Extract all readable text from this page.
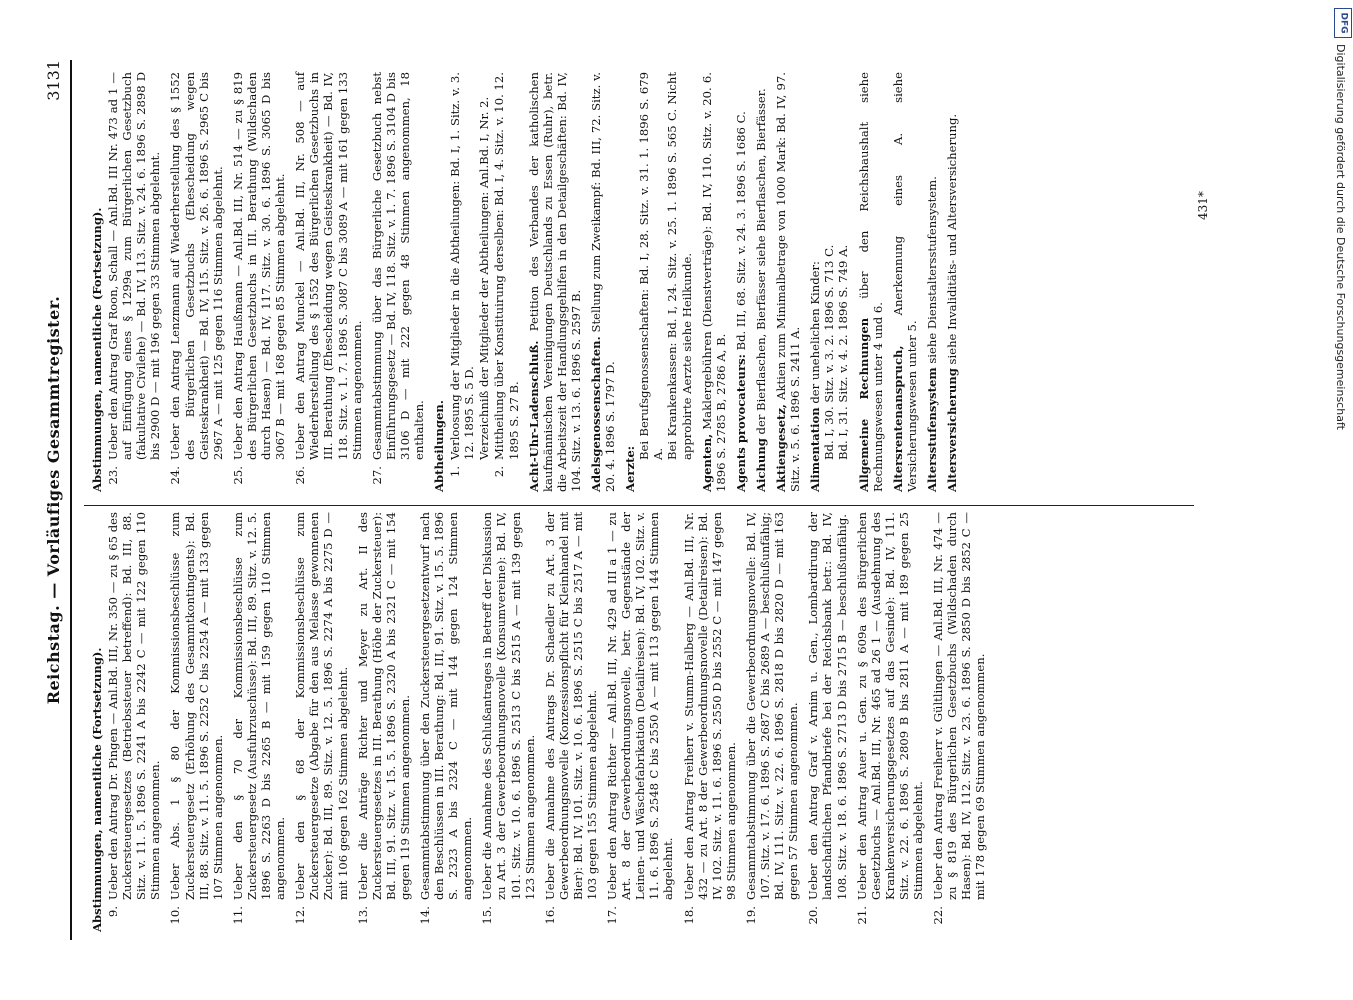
Reichstag. — Vorläufiges Gesammtregister.
3131
Abstimmungen, namentliche (Fortsetzung). 9.
Ueber den Antrag Dr. Pingen — Anl.Bd. III, Nr. 350 — zu § 65 des Zuckersteuergesetzes (Betriebssteuer betreffend): Bd. III, 88. Sitz. v. 11. 5. 1896 S. 2241 A bis 2242 C — mit 122 gegen 110 Stimmen angenommen.
10.
Ueber Abs. 1 § 80 der Kommissionsbeschlüsse zum Zuckersteuergesetz (Erhöhung des Gesammtkontingents): Bd. III, 88. Sitz. v. 11. 5. 1896 S. 2252 C bis 2254 A — mit 133 gegen 107 Stimmen angenommen.
11.
Ueber den § 70 der Kommissionsbeschlüsse zum Zuckersteuergesetz (Ausfuhrzuschüsse): Bd. III, 89. Sitz. v. 12. 5. 1896 S. 2263 D bis 2265 B — mit 159 gegen 110 Stimmen angenommen.
12.
Ueber den § 68 der Kommissionsbeschlüsse zum Zuckersteuergesetze (Abgabe für den aus Melasse gewonnenen Zucker): Bd. III, 89. Sitz. v. 12. 5. 1896 S. 2274 A bis 2275 D — mit 106 gegen 162 Stimmen abgelehnt.
13.
Ueber die Anträge Richter und Meyer zu Art. II des Zuckersteuergesetzes in III. Berathung (Höhe der Zuckersteuer): Bd. III, 91. Sitz. v. 15. 5. 1896 S. 2320 A bis 2321 C — mit 154 gegen 119 Stimmen angenommen.
14.
Gesammtabstimmung über den Zuckersteuergesetzentwurf nach den Beschlüssen in III. Berathung: Bd. III, 91. Sitz. v. 15. 5. 1896 S. 2323 A bis 2324 C — mit 144 gegen 124 Stimmen angenommen.
15.
Ueber die Annahme des Schlußantrages in Betreff der Diskussion zu Art. 3 der Gewerbeordnungsnovelle (Konsumvereine): Bd. IV, 101. Sitz. v. 10. 6. 1896 S. 2513 C bis 2515 A — mit 139 gegen 123 Stimmen angenommen.
16.
Ueber die Annahme des Antrags Dr. Schaedler zu Art. 3 der Gewerbeordnungsnovelle (Konzessionspflicht für Kleinhandel mit Bier): Bd. IV, 101. Sitz. v. 10. 6. 1896 S. 2515 C bis 2517 A — mit 103 gegen 155 Stimmen abgelehnt.
17.
Ueber den Antrag Richter — Anl.Bd. III, Nr. 429 ad III a 1 — zu Art. 8 der Gewerbeordnungsnovelle, betr. Gegenstände der Leinen- und Wäschefabrikation (Detailreisen): Bd. IV, 102. Sitz. v. 11. 6. 1896 S. 2548 C bis 2550 A — mit 113 gegen 144 Stimmen abgelehnt.
18.
Ueber den Antrag Freiherr v. Stumm-Halberg — Anl.Bd. III, Nr. 432 — zu Art. 8 der Gewerbeordnungsnovelle (Detailreisen): Bd. IV, 102. Sitz. v. 11. 6. 1896 S. 2550 D bis 2552 C — mit 147 gegen 98 Stimmen angenommen.
19.
Gesammtabstimmung über die Gewerbeordnungsnovelle: Bd. IV, 107. Sitz. v. 17. 6. 1896 S. 2687 C bis 2689 A — beschlußunfähig; Bd. IV, 111. Sitz. v. 22. 6. 1896 S. 2818 D bis 2820 D — mit 163 gegen 57 Stimmen angenommen.
20.
Ueber den Antrag Graf v. Arnim u. Gen., Lombardirung der landschaftlichen Pfandbriefe bei der Reichsbank betr.: Bd. IV, 108. Sitz. v. 18. 6. 1896 S. 2713 D bis 2715 B — beschlußunfähig.
21.
Ueber den Antrag Auer u. Gen. zu § 609a des Bürgerlichen Gesetzbuchs — Anl.Bd. III, Nr. 465 ad 26 1 — (Ausdehnung des Krankenversicherungsgesetzes auf das Gesinde): Bd. IV, 111. Sitz. v. 22. 6. 1896 S. 2809 B bis 2811 A — mit 189 gegen 25 Stimmen abgelehnt.
22.
Ueber den Antrag Freiherr v. Gültlingen — Anl.Bd. III, Nr. 474 — zu § 819 des Bürgerlichen Gesetzbuchs (Wildschaden durch Hasen): Bd. IV, 112. Sitz. v. 23. 6. 1896 S. 2850 D bis 2852 C — mit 178 gegen 69 Stimmen angenommen.
Abstimmungen, namentliche (Fortsetzung). 23.
Ueber den Antrag Graf Roon, Schall — Anl.Bd. III Nr. 473 ad 1 — auf Einfügung eines § 1299a zum Bürgerlichen Gesetzbuch (fakultative Civilehe) — Bd. IV, 113. Sitz. v. 24. 6. 1896 S. 2898 D bis 2900 D — mit 196 gegen 33 Stimmen abgelehnt.
24.
Ueber den Antrag Lenzmann auf Wiederherstellung des § 1552 des Bürgerlichen Gesetzbuchs (Ehescheidung wegen Geisteskrankheit) — Bd. IV, 115. Sitz. v. 26. 6. 1896 S. 2965 C bis 2967 A — mit 125 gegen 116 Stimmen abgelehnt.
25.
Ueber den Antrag Haußmann — Anl.Bd. III, Nr. 514 — zu § 819 des Bürgerlichen Gesetzbuchs in III. Berathung (Wildschaden durch Hasen) — Bd. IV, 117. Sitz. v. 30. 6. 1896 S. 3065 D bis 3067 B — mit 168 gegen 85 Stimmen abgelehnt.
26.
Ueber den Antrag Munckel — Anl.Bd. III, Nr. 508 — auf Wiederherstellung des § 1552 des Bürgerlichen Gesetzbuchs in III. Berathung (Ehescheidung wegen Geisteskrankheit) — Bd. IV, 118. Sitz. v. 1. 7. 1896 S. 3087 C bis 3089 A — mit 161 gegen 133 Stimmen angenommen.
27.
Gesammtabstimmung über das Bürgerliche Gesetzbuch nebst Einführungsgesetz — Bd. IV, 118. Sitz. v. 1. 7. 1896 S. 3104 D bis 3106 D — mit 222 gegen 48 Stimmen angenommen, 18 enthalten. Abtheilungen. 1.
Verloosung der Mitglieder in die Abtheilungen: Bd. I, 1. Sitz. v. 3. 12. 1895 S. 5 D. Verzeichniß der Mitglieder der Abtheilungen: Anl.Bd. I, Nr. 2.
2.
Mittheilung über Konstituirung derselben: Bd. I, 4. Sitz. v. 10. 12. 1895 S. 27 B. Acht-Uhr-Ladenschluß. Petition des Verbandes der katholischen kaufmännischen Vereinigungen Deutschlands zu Essen (Ruhr), betr. die Arbeitszeit der Handlungsgehilfen in den Detailgeschäften: Bd. IV, 104. Sitz. v. 13. 6. 1896 S. 2597 B. Adelsgenossenschaften. Stellung zum Zweikampf: Bd. III, 72. Sitz. v. 20. 4. 1896 S. 1797 D. Aerzte:
Bei Berufsgenossenschaften: Bd. I, 28. Sitz. v. 31. 1. 1896 S. 679 A. Bei Krankenkassen: Bd. I, 24. Sitz. v. 25. 1. 1896 S. 565 C. Nicht approbirte Aerzte siehe Heilkunde.
Agenten, Maklergebühren (Dienstverträge): Bd. IV, 110. Sitz. v. 20. 6. 1896 S. 2785 B, 2786 A, B. Agents provocateurs: Bd. III, 68. Sitz. v. 24. 3. 1896 S. 1686 C.
Aichung der Bierflaschen, Bierfässer siehe Bierflaschen, Bierfässer.
Aktiengesetz, Aktien zum Minimalbetrage von 1000 Mark: Bd. IV, 97. Sitz. v. 5. 6. 1896 S. 2411 A. Alimentation der unehelichen Kinder: Bd. I, 30. Sitz. v. 3. 2. 1896 S. 713 C. Bd. I, 31. Sitz. v. 4. 2. 1896 S. 749 A. Allgemeine Rechnungen über den Reichshaushalt siehe Rechnungswesen unter 4 und 6. Altersrentenanspruch, Anerkennung eines A. siehe Versicherungswesen unter 5. Altersstufensystem siehe Dienstaltersstufensystem.
Altersversicherung siehe Invaliditäts- und Altersversicherung.	431*
DFG
Digitalisierung gefördert durch die Deutsche Forschungsgemeinschaft
